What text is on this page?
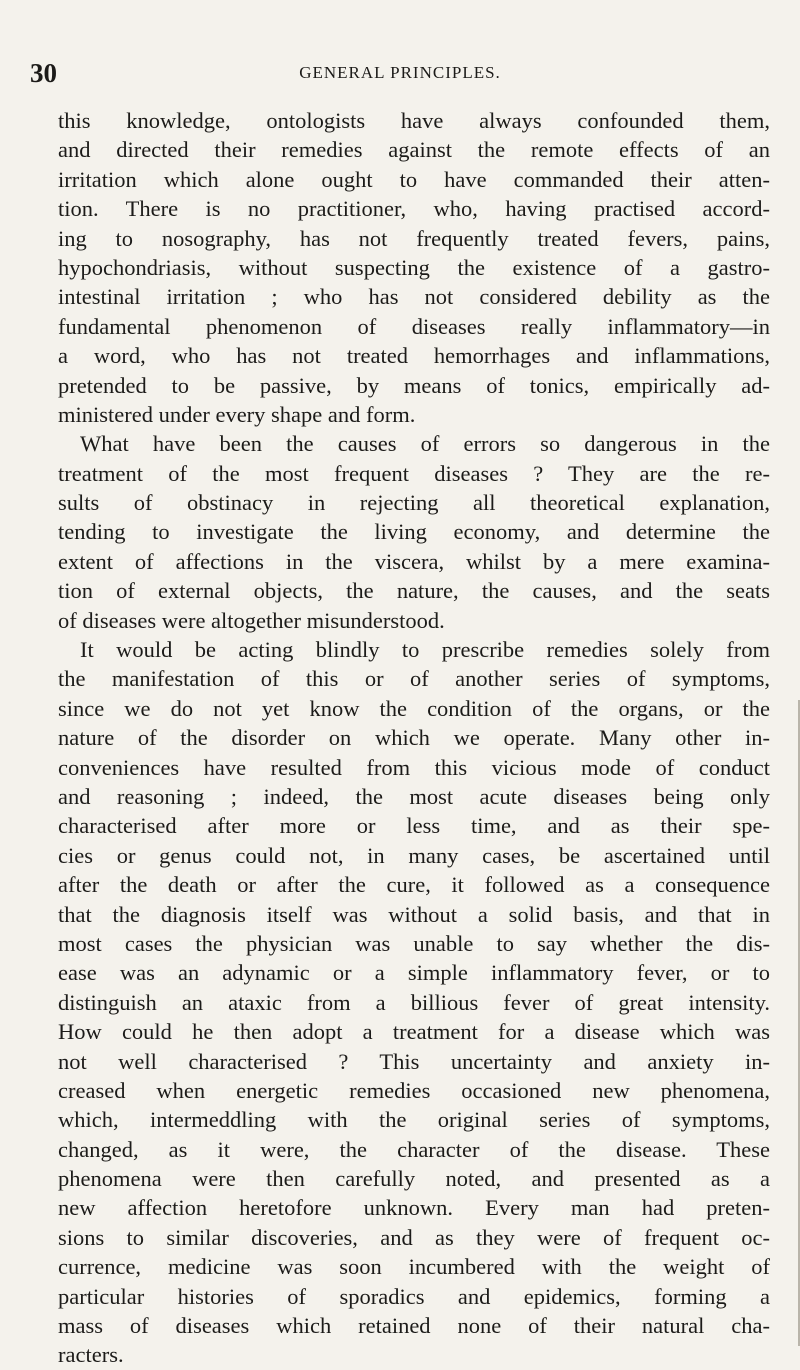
30	GENERAL PRINCIPLES.
this knowledge, ontologists have always confounded them,
and directed their remedies against the remote effects of an
irritation which alone ought to have commanded their atten-
tion. There is no practitioner, who, having practised accord-
ing to nosography, has not frequently treated fevers, pains,
hypochondriasis, without suspecting the existence of a gastro-
intestinal irritation ; who has not considered debility as the
fundamental phenomenon of diseases really inflammatory—in
a word, who has not treated hemorrhages and inflammations,
pretended to be passive, by means of tonics, empirically ad-
ministered under every shape and form.
What have been the causes of errors so dangerous in the
treatment of the most frequent diseases ? They are the re-
sults of obstinacy in rejecting all theoretical explanation,
tending to investigate the living economy, and determine the
extent of affections in the viscera, whilst by a mere examina-
tion of external objects, the nature, the causes, and the seats
of diseases were altogether misunderstood.
It would be acting blindly to prescribe remedies solely from
the manifestation of this or of another series of symptoms,
since we do not yet know the condition of the organs, or the
nature of the disorder on which we operate. Many other in-
conveniences have resulted from this vicious mode of conduct
and reasoning ; indeed, the most acute diseases being only
characterised after more or less time, and as their spe-
cies or genus could not, in many cases, be ascertained until
after the death or after the cure, it followed as a consequence
that the diagnosis itself was without a solid basis, and that in
most cases the physician was unable to say whether the dis-
ease was an adynamic or a simple inflammatory fever, or to
distinguish an ataxic from a billious fever of great intensity.
How could he then adopt a treatment for a disease which was
not well characterised ? This uncertainty and anxiety in-
creased when energetic remedies occasioned new phenomena,
which, intermeddling with the original series of symptoms,
changed, as it were, the character of the disease. These
phenomena were then carefully noted, and presented as a
new affection heretofore unknown. Every man had preten-
sions to similar discoveries, and as they were of frequent oc-
currence, medicine was soon incumbered with the weight of
particular histories of sporadics and epidemics, forming a
mass of diseases which retained none of their natural cha-
racters.
